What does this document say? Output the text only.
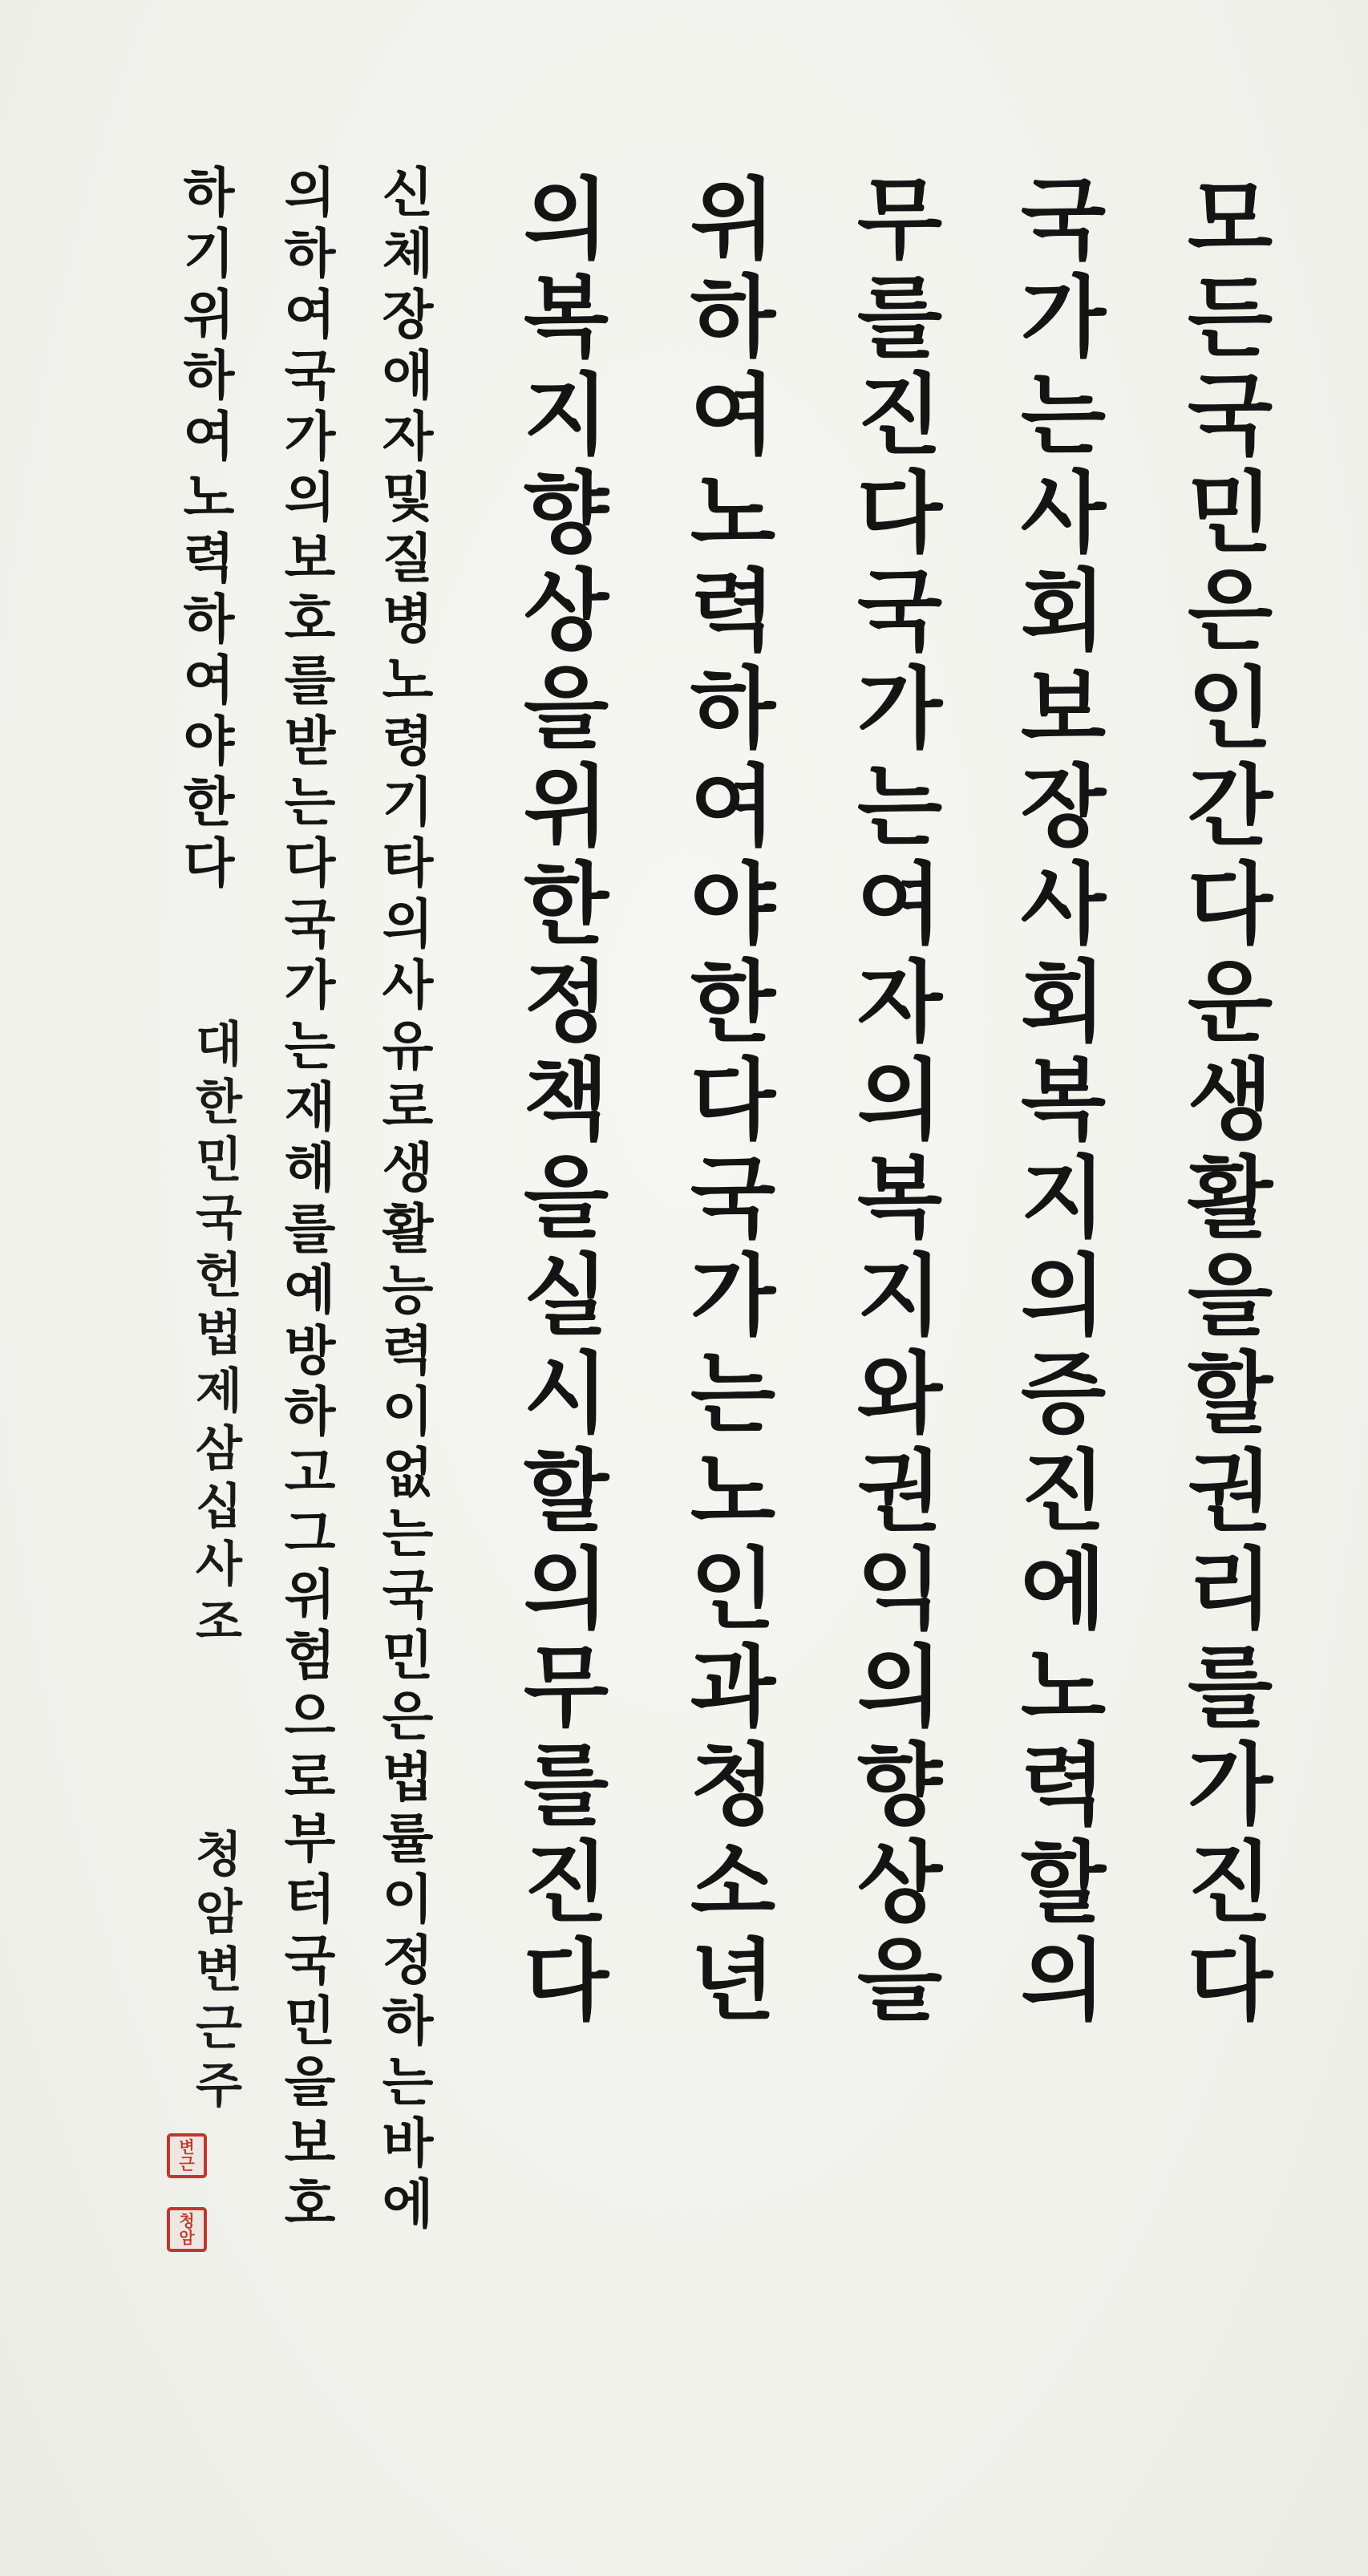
모든국민은인간다운생활을할권리를가진다
국가는사회보장사회복지의증진에노력할의
무를진다국가는여자의복지와권익의향상을
위하여노력하여야한다국가는노인과청소년
의복지향상을위한정책을실시할의무를진다
신체장애자및질병노령기타의사유로생활능력이없는국민은법률이정하는바에
의하여국가의보호를받는다국가는재해를예방하고그위험으로부터국민을보호
하기위하여노력하여야한다
대한민국헌법제삼십사조
청암변근주
변근
청암
